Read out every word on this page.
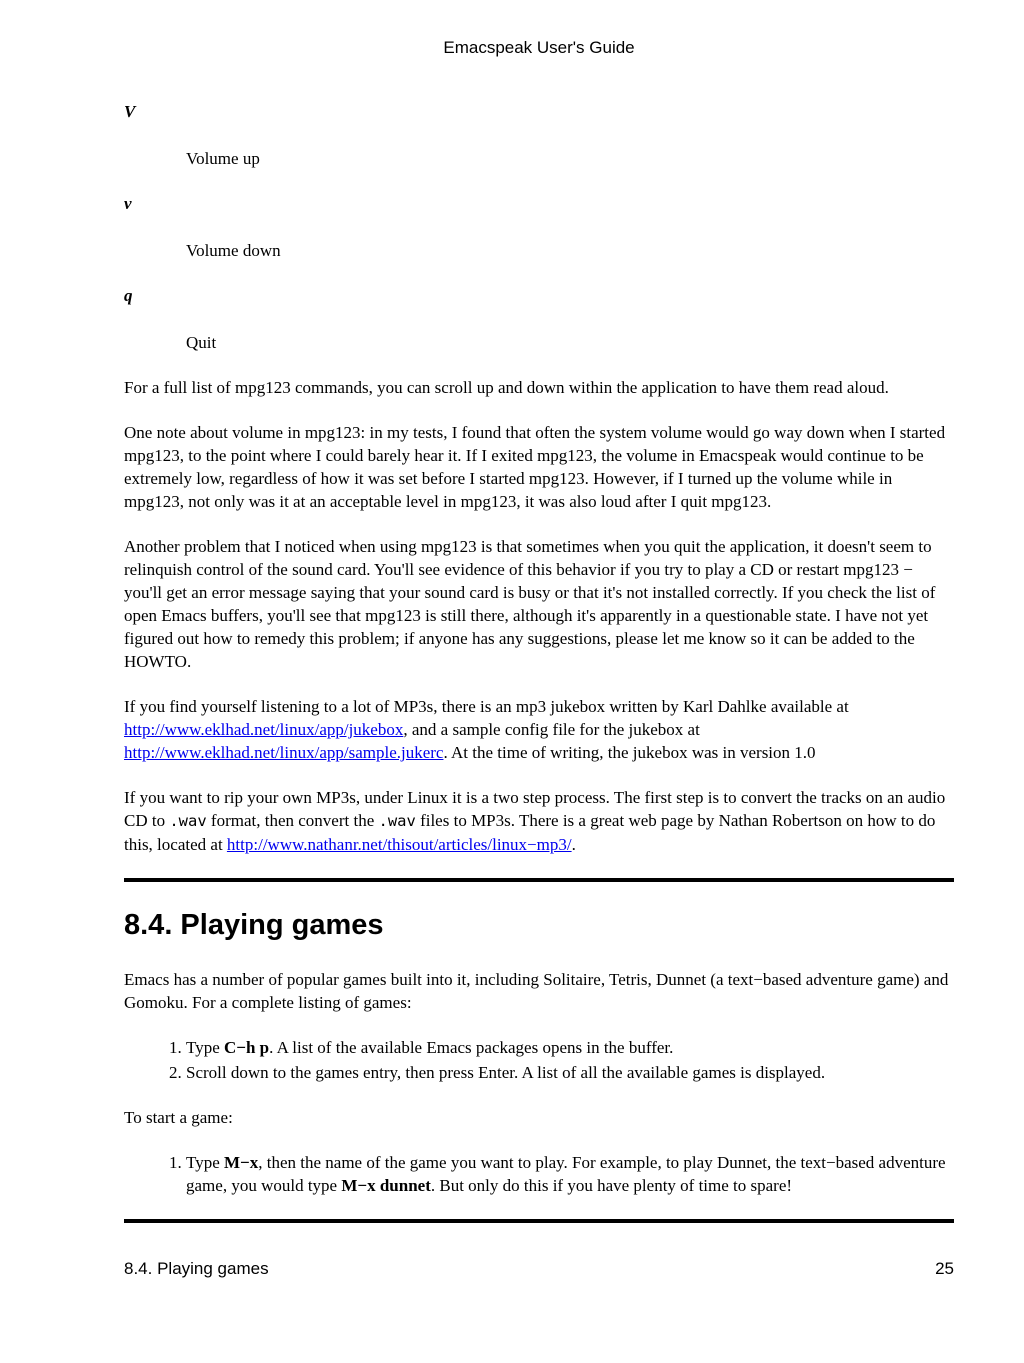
Emacspeak User's Guide

V

Volume up

v

Volume down

q

Quit

For a full list of mpg123 commands, you can scroll up and down within the application to have them read aloud.

One note about volume in mpg123: in my tests, I found that often the system volume would go way down when I started mpg123, to the point where I could barely hear it. If I exited mpg123, the volume in Emacspeak would continue to be extremely low, regardless of how it was set before I started mpg123. However, if I turned up the volume while in mpg123, not only was it at an acceptable level in mpg123, it was also loud after I quit mpg123.

Another problem that I noticed when using mpg123 is that sometimes when you quit the application, it doesn't seem to relinquish control of the sound card. You'll see evidence of this behavior if you try to play a CD or restart mpg123 − you'll get an error message saying that your sound card is busy or that it's not installed correctly. If you check the list of open Emacs buffers, you'll see that mpg123 is still there, although it's apparently in a questionable state. I have not yet figured out how to remedy this problem; if anyone has any suggestions, please let me know so it can be added to the HOWTO.

If you find yourself listening to a lot of MP3s, there is an mp3 jukebox written by Karl Dahlke available at http://www.eklhad.net/linux/app/jukebox, and a sample config file for the jukebox at http://www.eklhad.net/linux/app/sample.jukerc. At the time of writing, the jukebox was in version 1.0

If you want to rip your own MP3s, under Linux it is a two step process. The first step is to convert the tracks on an audio CD to .wav format, then convert the .wav files to MP3s. There is a great web page by Nathan Robertson on how to do this, located at http://www.nathanr.net/thisout/articles/linux−mp3/.

8.4. Playing games

Emacs has a number of popular games built into it, including Solitaire, Tetris, Dunnet (a text−based adventure game) and Gomoku. For a complete listing of games:

1. Type C−h p. A list of the available Emacs packages opens in the buffer.
2. Scroll down to the games entry, then press Enter. A list of all the available games is displayed.

To start a game:

1. Type M−x, then the name of the game you want to play. For example, to play Dunnet, the text−based adventure game, you would type M−x dunnet. But only do this if you have plenty of time to spare!
8.4. Playing games	25
